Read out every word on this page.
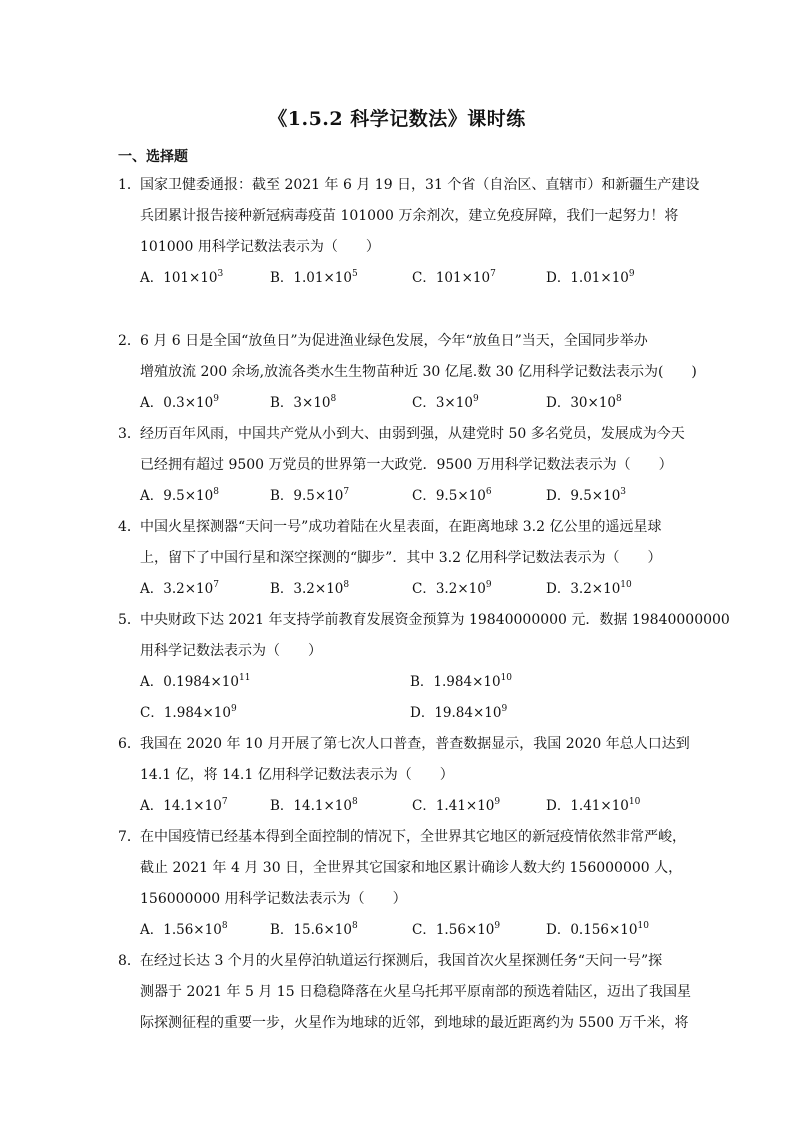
《1.5.2 科学记数法》课时练
一、选择题
1． 国家卫健委通报：截至 2021 年 6 月 19 日，31 个省（自治区、直辖市）和新疆生产建设
兵团累计报告接种新冠病毒疫苗 101000 万余剂次，建立免疫屏障，我们一起努力！将
101000 用科学记数法表示为（　　）
A．$101\times 10^3$	B．$1.01\times 10^5$	C．$101\times 10^7$	D．$1.01\times 10^9$
2． 6 月 6 日是全国“放鱼日”为促进渔业绿色发展，今年“放鱼日”当天，全国同步举办
增殖放流 200 余场,放流各类水生生物苗种近 30 亿尾.数 30 亿用科学记数法表示为(　　)
A．$0.3\times 10^9$	B．$3\times 10^8$	C．$3\times 10^9$	D．$30\times 10^8$
3． 经历百年风雨，中国共产党从小到大、由弱到强，从建党时 50 多名党员，发展成为今天
已经拥有超过 9500 万党员的世界第一大政党．9500 万用科学记数法表示为（　　）
A．$9.5\times 10^8$	B．$9.5\times 10^7$	C．$9.5\times 10^6$	D．$9.5\times 10^3$
4． 中国火星探测器“天问一号”成功着陆在火星表面，在距离地球 3.2 亿公里的遥远星球
上，留下了中国行星和深空探测的“脚步”．其中 3.2 亿用科学记数法表示为（　　）
A．$3.2\times 10^7$	B．$3.2\times 10^8$	C．$3.2\times 10^9$	D．$3.2\times 10^{10}$
5． 中央财政下达 2021 年支持学前教育发展资金预算为 19840000000 元．数据 19840000000
用科学记数法表示为（　　）
A．$0.1984\times 10^{11}$	B．$1.984\times 10^{10}$
C．$1.984\times 10^9$	D．$19.84\times 10^9$
6． 我国在 2020 年 10 月开展了第七次人口普查，普查数据显示，我国 2020 年总人口达到
14.1 亿，将 14.1 亿用科学记数法表示为（　　）
A．$14.1\times 10^7$	B．$14.1\times 10^8$	C．$1.41\times 10^9$	D．$1.41\times 10^{10}$
7． 在中国疫情已经基本得到全面控制的情况下，全世界其它地区的新冠疫情依然非常严峻，
截止 2021 年 4 月 30 日，全世界其它国家和地区累计确诊人数大约 156000000 人，
156000000 用科学记数法表示为（　　）
A．$1.56\times 10^8$	B．$15.6\times 10^8$	C．$1.56\times 10^9$	D．$0.156\times 10^{10}$
8． 在经过长达 3 个月的火星停泊轨道运行探测后，我国首次火星探测任务“天问一号”探
测器于 2021 年 5 月 15 日稳稳降落在火星乌托邦平原南部的预选着陆区，迈出了我国星
际探测征程的重要一步，火星作为地球的近邻，到地球的最近距离约为 5500 万千米，将
